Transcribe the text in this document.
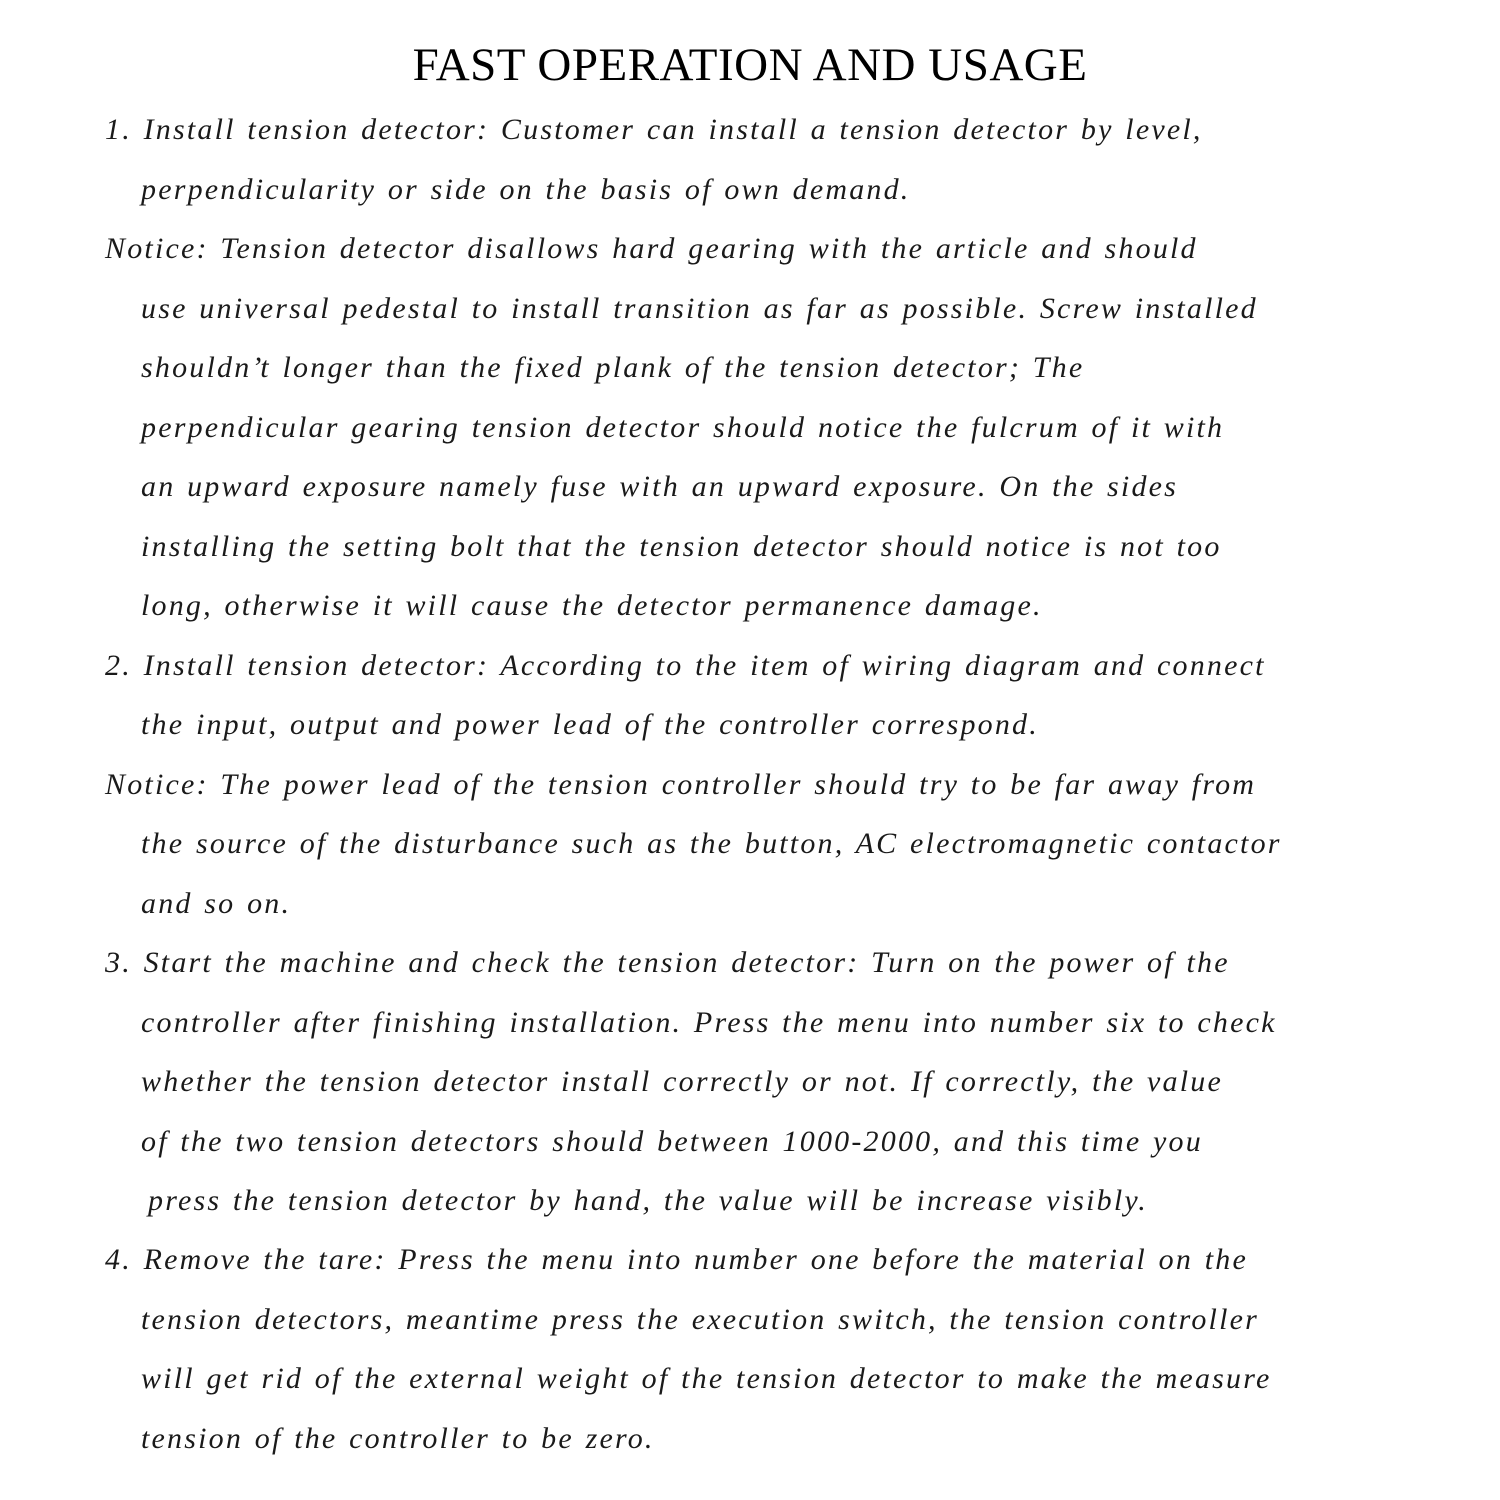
FAST OPERATION AND USAGE

1. Install tension detector: Customer can install a tension detector by level,

perpendicularity or side on the basis of own demand.

Notice: Tension detector disallows hard gearing with the article and should

use universal pedestal to install transition as far as possible. Screw installed

shouldn’t longer than the fixed plank of the tension detector; The

perpendicular gearing tension detector should notice the fulcrum of it with

an upward exposure namely fuse with an upward exposure. On the sides

installing the setting bolt that the tension detector should notice is not too

long, otherwise it will cause the detector permanence damage.

2. Install tension detector: According to the item of wiring diagram and connect

the input, output and power lead of the controller correspond.

Notice: The power lead of the tension controller should try to be far away from

the source of the disturbance such as the button, AC electromagnetic contactor

and so on.

3. Start the machine and check the tension detector: Turn on the power of the

controller after finishing installation. Press the menu into number six to check

whether the tension detector install correctly or not. If correctly, the value

of the two tension detectors should between 1000-2000, and this time you

press the tension detector by hand, the value will be increase visibly.

4. Remove the tare: Press the menu into number one before the material on the

tension detectors, meantime press the execution switch, the tension controller

will get rid of the external weight of the tension detector to make the measure

tension of the controller to be zero.
